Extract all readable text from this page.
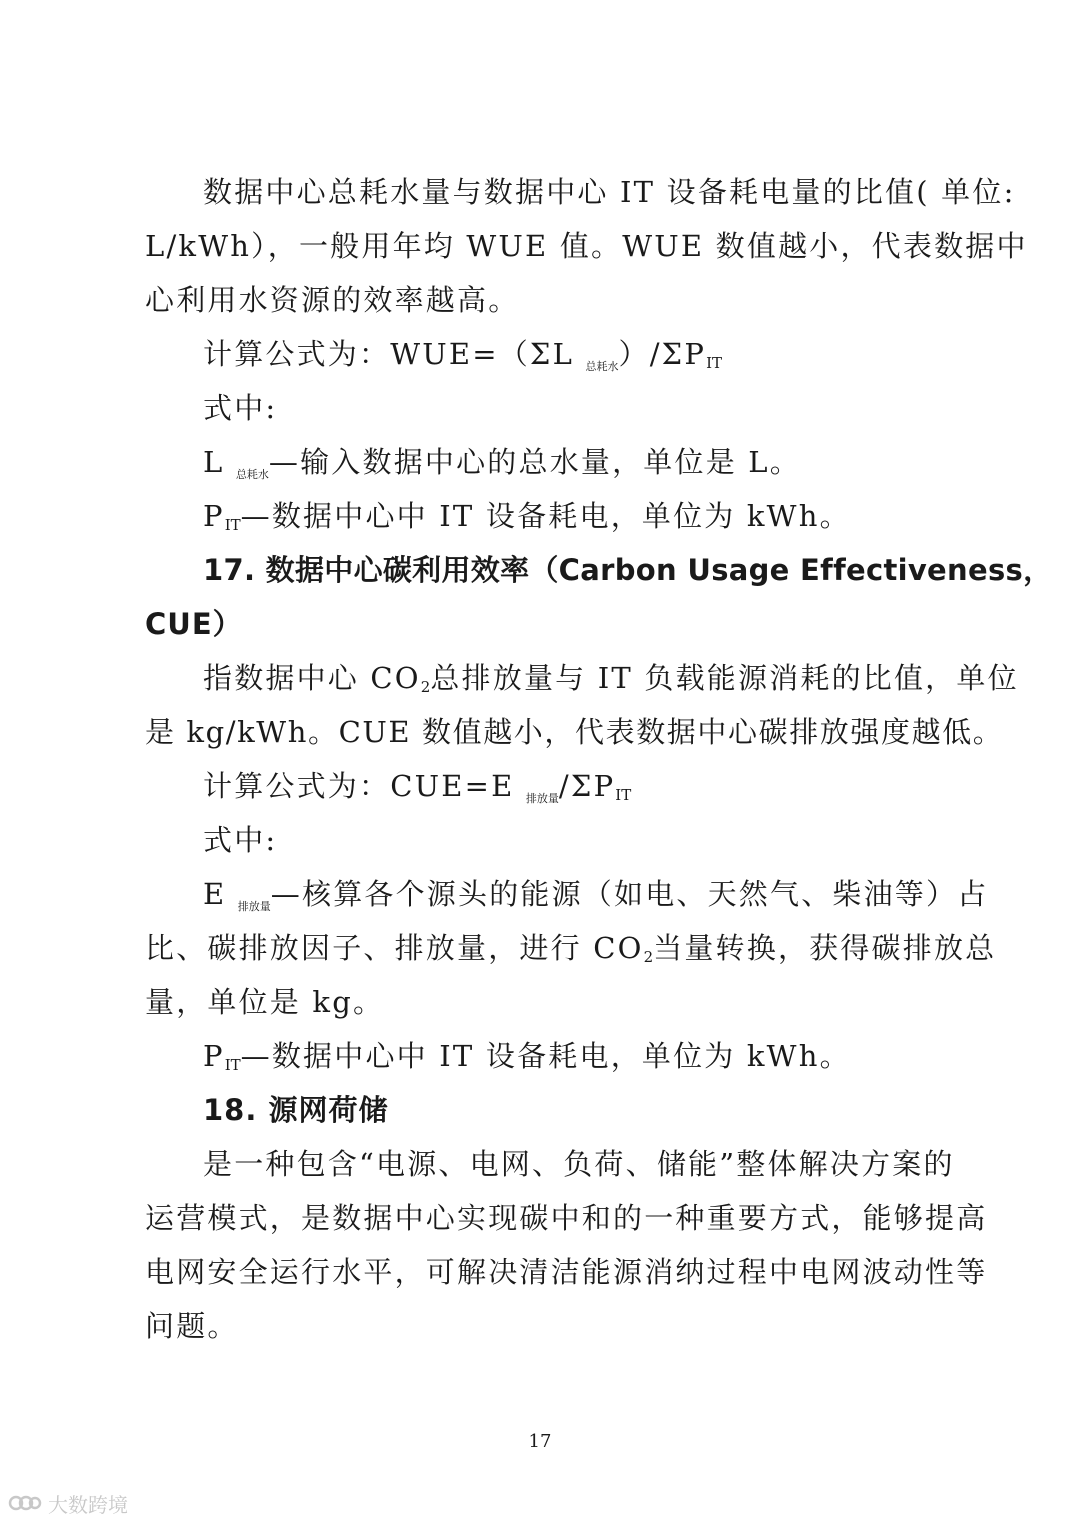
数据中心总耗水量与数据中心 IT 设备耗电量的比值( 单位:
L/kWh），一般用年均 WUE 值。WUE 数值越小，代表数据中
心利用水资源的效率越高。
计算公式为：WUE=（ΣL $_{总耗水})/\Sigma P_{IT}$
式中:
L $_{总耗水}$—输入数据中心的总水量，单位是 L。
$P_{IT}—$数据中心中 IT 设备耗电，单位为 kWh。
17. 数据中心碳利用效率（Carbon Usage Effectiveness，
CUE）
指数据中心 $CO_2$总排放量与 IT 负载能源消耗的比值，单位
是 kg/kWh。CUE 数值越小，代表数据中心碳排放强度越低。
计算公式为：CUE=E $_{排放量}/\Sigma P_{IT}$
式中:
E $_{排放量}$—核算各个源头的能源（如电、天然气、柴油等）占
比、碳排放因子、排放量，进行 $CO_2$当量转换，获得碳排放总
量，单位是 kg。
$P_{IT}—$数据中心中 IT 设备耗电，单位为 kWh。
18. 源网荷储
是一种包含“电源、电网、负荷、储能”整体解决方案的
运营模式，是数据中心实现碳中和的一种重要方式，能够提高
电网安全运行水平，可解决清洁能源消纳过程中电网波动性等
问题。
17
大数跨境
